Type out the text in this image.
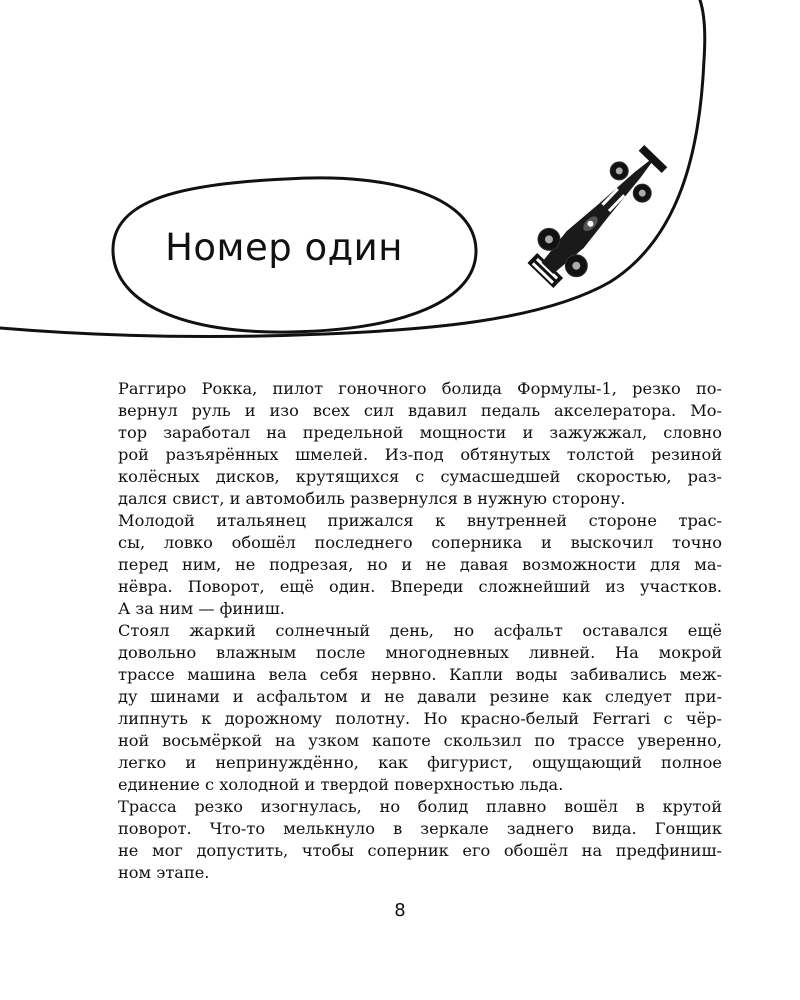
Номер один

Раггиро Рокка, пилот гоночного болида Формулы-1, резко по-

вернул руль и изо всех сил вдавил педаль акселератора. Мо-

тор заработал на предельной мощности и зажужжал, словно

рой разъярённых шмелей. Из-под обтянутых толстой резиной

колёсных дисков, крутящихся с сумасшедшей скоростью, раз-

дался свист, и автомобиль развернулся в нужную сторону.

Молодой итальянец прижался к внутренней стороне трас-

сы, ловко обошёл последнего соперника и выскочил точно

перед ним, не подрезая, но и не давая возможности для ма-

нёвра. Поворот, ещё один. Впереди сложнейший из участков.

А за ним — финиш.

Стоял жаркий солнечный день, но асфальт оставался ещё

довольно влажным после многодневных ливней. На мокрой

трассе машина вела себя нервно. Капли воды забивались меж-

ду шинами и асфальтом и не давали резине как следует при-

липнуть к дорожному полотну. Но красно-белый Ferrari с чёр-

ной восьмёркой на узком капоте скользил по трассе уверенно,

легко и непринуждённо, как фигурист, ощущающий полное

единение с холодной и твердой поверхностью льда.

Трасса резко изогнулась, но болид плавно вошёл в крутой

поворот. Что-то мелькнуло в зеркале заднего вида. Гонщик

не мог допустить, чтобы соперник его обошёл на предфиниш-

ном этапе.

8
